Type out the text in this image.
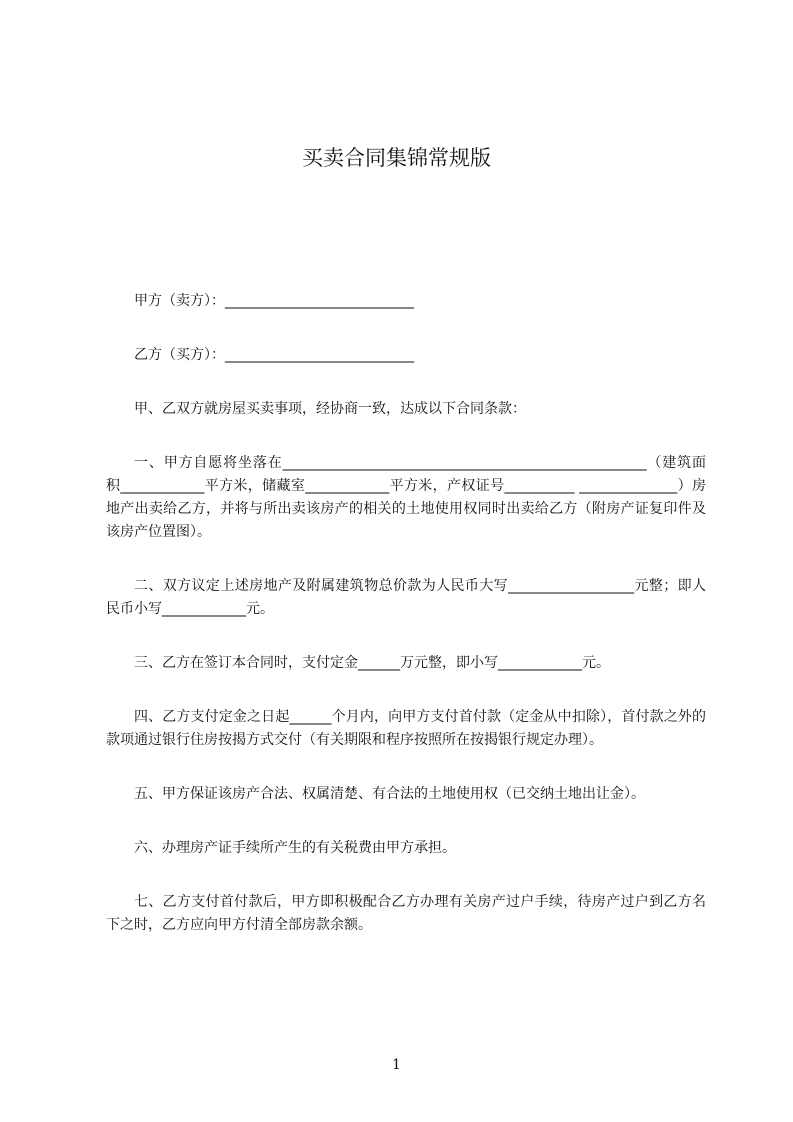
买卖合同集锦常规版

甲方（卖方）：___________________________

乙方（买方）：___________________________

甲、乙双方就房屋买卖事项，经协商一致，达成以下合同条款：

一、甲方自愿将坐落在____________________________________________________（建筑面积____________平方米，储藏室____________平方米，产权证号__________ ______________）房地产出卖给乙方，并将与所出卖该房产的相关的土地使用权同时出卖给乙方（附房产证复印件及该房产位置图）。

二、双方议定上述房地产及附属建筑物总价款为人民币大写__________________元整；即人民币小写____________元。

三、乙方在签订本合同时，支付定金______万元整，即小写____________元。

四、乙方支付定金之日起______个月内，向甲方支付首付款（定金从中扣除），首付款之外的款项通过银行住房按揭方式交付（有关期限和程序按照所在按揭银行规定办理）。

五、甲方保证该房产合法、权属清楚、有合法的土地使用权（已交纳土地出让金）。

六、办理房产证手续所产生的有关税费由甲方承担。

七、乙方支付首付款后，甲方即积极配合乙方办理有关房产过户手续，待房产过户到乙方名下之时，乙方应向甲方付清全部房款余额。

1
